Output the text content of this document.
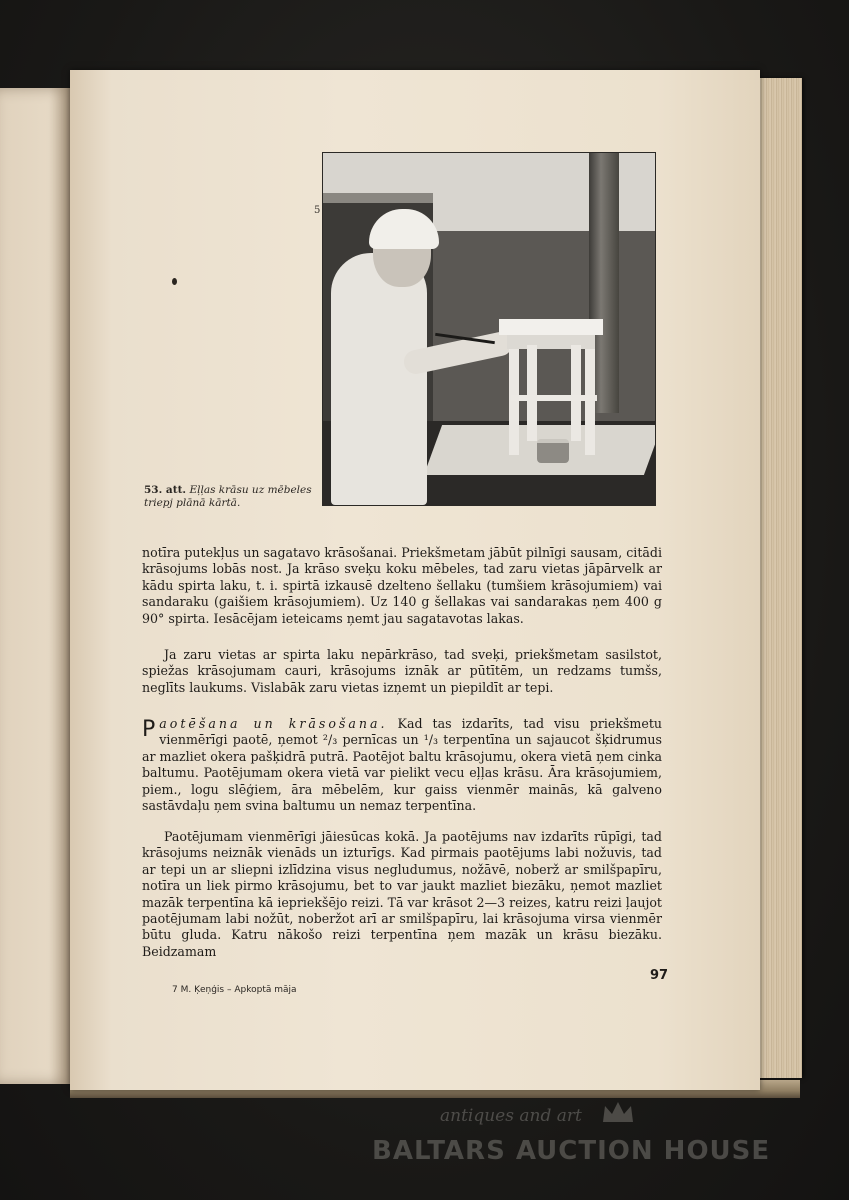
5
53. att. Eļļas krāsu uz mēbeles triepj plānā kārtā.

notīra putekļus un sagatavo krāsošanai. Priekšmetam jābūt pilnīgi sausam, citādi krāsojums lobās nost. Ja krāso sveķu koku mēbeles, tad zaru vietas jāpārvelk ar kādu spirta laku, t. i. spirtā izkausē dzelteno šellaku (tumšiem krāsojumiem) vai sandaraku (gaišiem krāsojumiem). Uz 140 g šellakas vai sandarakas ņem 400 g 90° spirta. Iesācējam ieteicams ņemt jau sagatavotas lakas.

Ja zaru vietas ar spirta laku nepārkrāso, tad sveķi, priekšmetam sasilstot, spiežas krāsojumam cauri, krāsojums iznāk ar pūtītēm, un redzams tumšs, neglīts laukums. Vislabāk zaru vietas izņemt un piepildīt ar tepi.

Paotēšana un krāsošana. Kad tas izdarīts, tad visu priekšmetu vienmērīgi paotē, ņemot ²/₃ pernīcas un ¹/₃ terpentīna un sajaucot šķidrumus ar mazliet okera pašķidrā putrā. Paotējot baltu krāsojumu, okera vietā ņem cinka baltumu. Paotējumam okera vietā var pielikt vecu eļļas krāsu. Āra krāsojumiem, piem., logu slēģiem, āra mēbelēm, kur gaiss vienmēr mainās, kā galveno sastāvdaļu ņem svina baltumu un nemaz terpentīna.

Paotējumam vienmērīgi jāiesūcas kokā. Ja paotējums nav izdarīts rūpīgi, tad krāsojums neiznāk vienāds un izturīgs. Kad pirmais paotējums labi nožuvis, tad ar tepi un ar sliepni izlīdzina visus negludumus, nožāvē, noberž ar smilšpapīru, notīra un liek pirmo krāsojumu, bet to var jaukt mazliet biezāku, ņemot mazliet mazāk terpentīna kā iepriekšējo reizi. Tā var krāsot 2—3 reizes, katru reizi ļaujot paotējumam labi nožūt, noberžot arī ar smilšpapīru, lai krāsojuma virsa vienmēr būtu gluda. Katru nākošo reizi terpentīna ņem mazāk un krāsu biezāku. Beidzamam

7 M. Ķeņģis – Apkoptā māja
97
antiques and art
BALTARS AUCTION HOUSE
